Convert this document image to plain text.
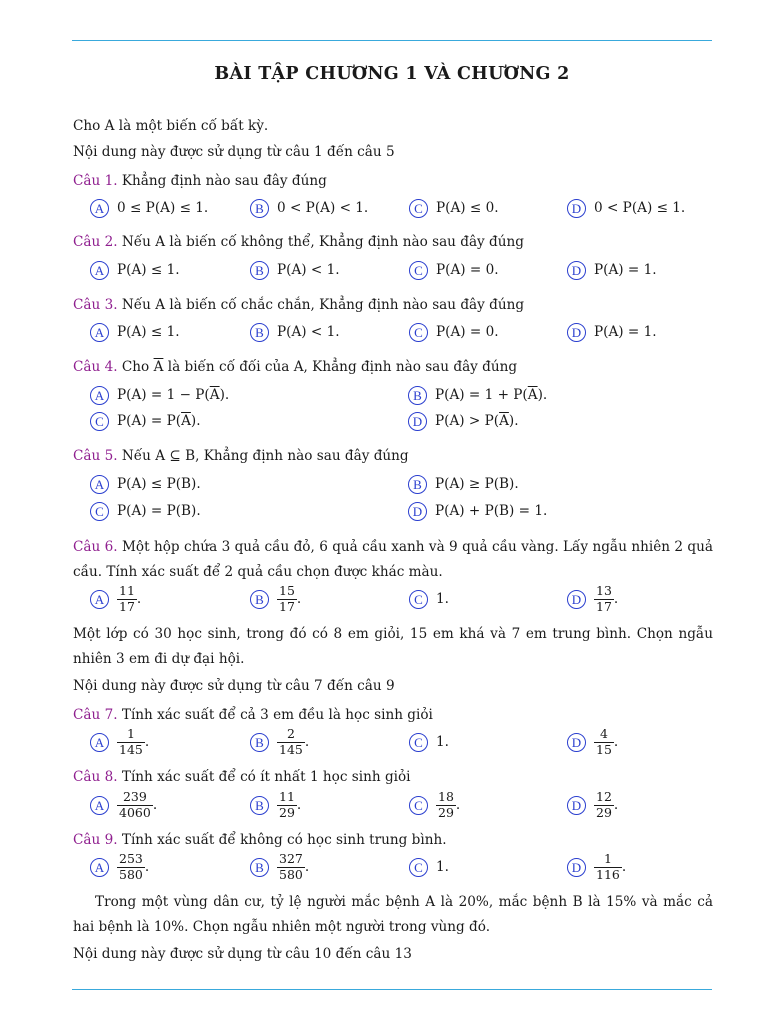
BÀI TẬP CHƯƠNG 1 VÀ CHƯƠNG 2
Cho A là một biến cố bất kỳ.
Nội dung này được sử dụng từ câu 1 đến câu 5
Câu 1. Khẳng định nào sau đây đúng
A 0 ≤ P(A) ≤ 1.	B 0 < P(A) < 1.	C P(A) ≤ 0.	D 0 < P(A) ≤ 1.
Câu 2. Nếu A là biến cố không thể, Khẳng định nào sau đây đúng
A P(A) ≤ 1.	B P(A) < 1.	C P(A) = 0.	D P(A) = 1.
Câu 3. Nếu A là biến cố chắc chắn, Khẳng định nào sau đây đúng
A P(A) ≤ 1.	B P(A) < 1.	C P(A) = 0.	D P(A) = 1.
Câu 4. Cho $\overline{A}$ là biến cố đối của A, Khẳng định nào sau đây đúng
A P(A) = 1 − P( $\overline{A}$ ).	B P(A) = 1 + P( $\overline{A}$ ).
C P(A) = P( $\overline{A}$ ).	D P(A) > P( $\overline{A}$ ).
Câu 5. Nếu A ⊆ B, Khẳng định nào sau đây đúng
A P(A) ≤ P(B).	B P(A) ≥ P(B).
C P(A) = P(B).	D P(A) + P(B) = 1.
Câu 6. Một hộp chứa 3 quả cầu đỏ, 6 quả cầu xanh và 9 quả cầu vàng. Lấy ngẫu nhiên 2 quả cầu. Tính xác suất để 2 quả cầu chọn được khác màu.
A	$\frac{11}{17}$ .	B	$\frac{15}{17}$ .	C 1.	D	$\frac{13}{17}$ .
Một lớp có 30 học sinh, trong đó có 8 em giỏi, 15 em khá và 7 em trung bình. Chọn ngẫu nhiên 3 em đi dự đại hội.
Nội dung này được sử dụng từ câu 7 đến câu 9
Câu 7. Tính xác suất để cả 3 em đều là học sinh giỏi
A	$\frac{1}{145}$ .	B	$\frac{2}{145}$ .	C 1.	D	$\frac{4}{15}$ .
Câu 8. Tính xác suất để có ít nhất 1 học sinh giỏi
A	$\frac{239}{4060}$ .	B	$\frac{11}{29}$ .	C	$\frac{18}{29}$ .	D	$\frac{12}{29}$ .
Câu 9. Tính xác suất để không có học sinh trung bình.
A	$\frac{253}{580}$ .	B	$\frac{327}{580}$ .	C 1.	D	$\frac{1}{116}$ .
Trong một vùng dân cư, tỷ lệ người mắc bệnh A là 20%, mắc bệnh B là 15% và mắc cả hai bệnh là 10%. Chọn ngẫu nhiên một người trong vùng đó.
Nội dung này được sử dụng từ câu 10 đến câu 13
